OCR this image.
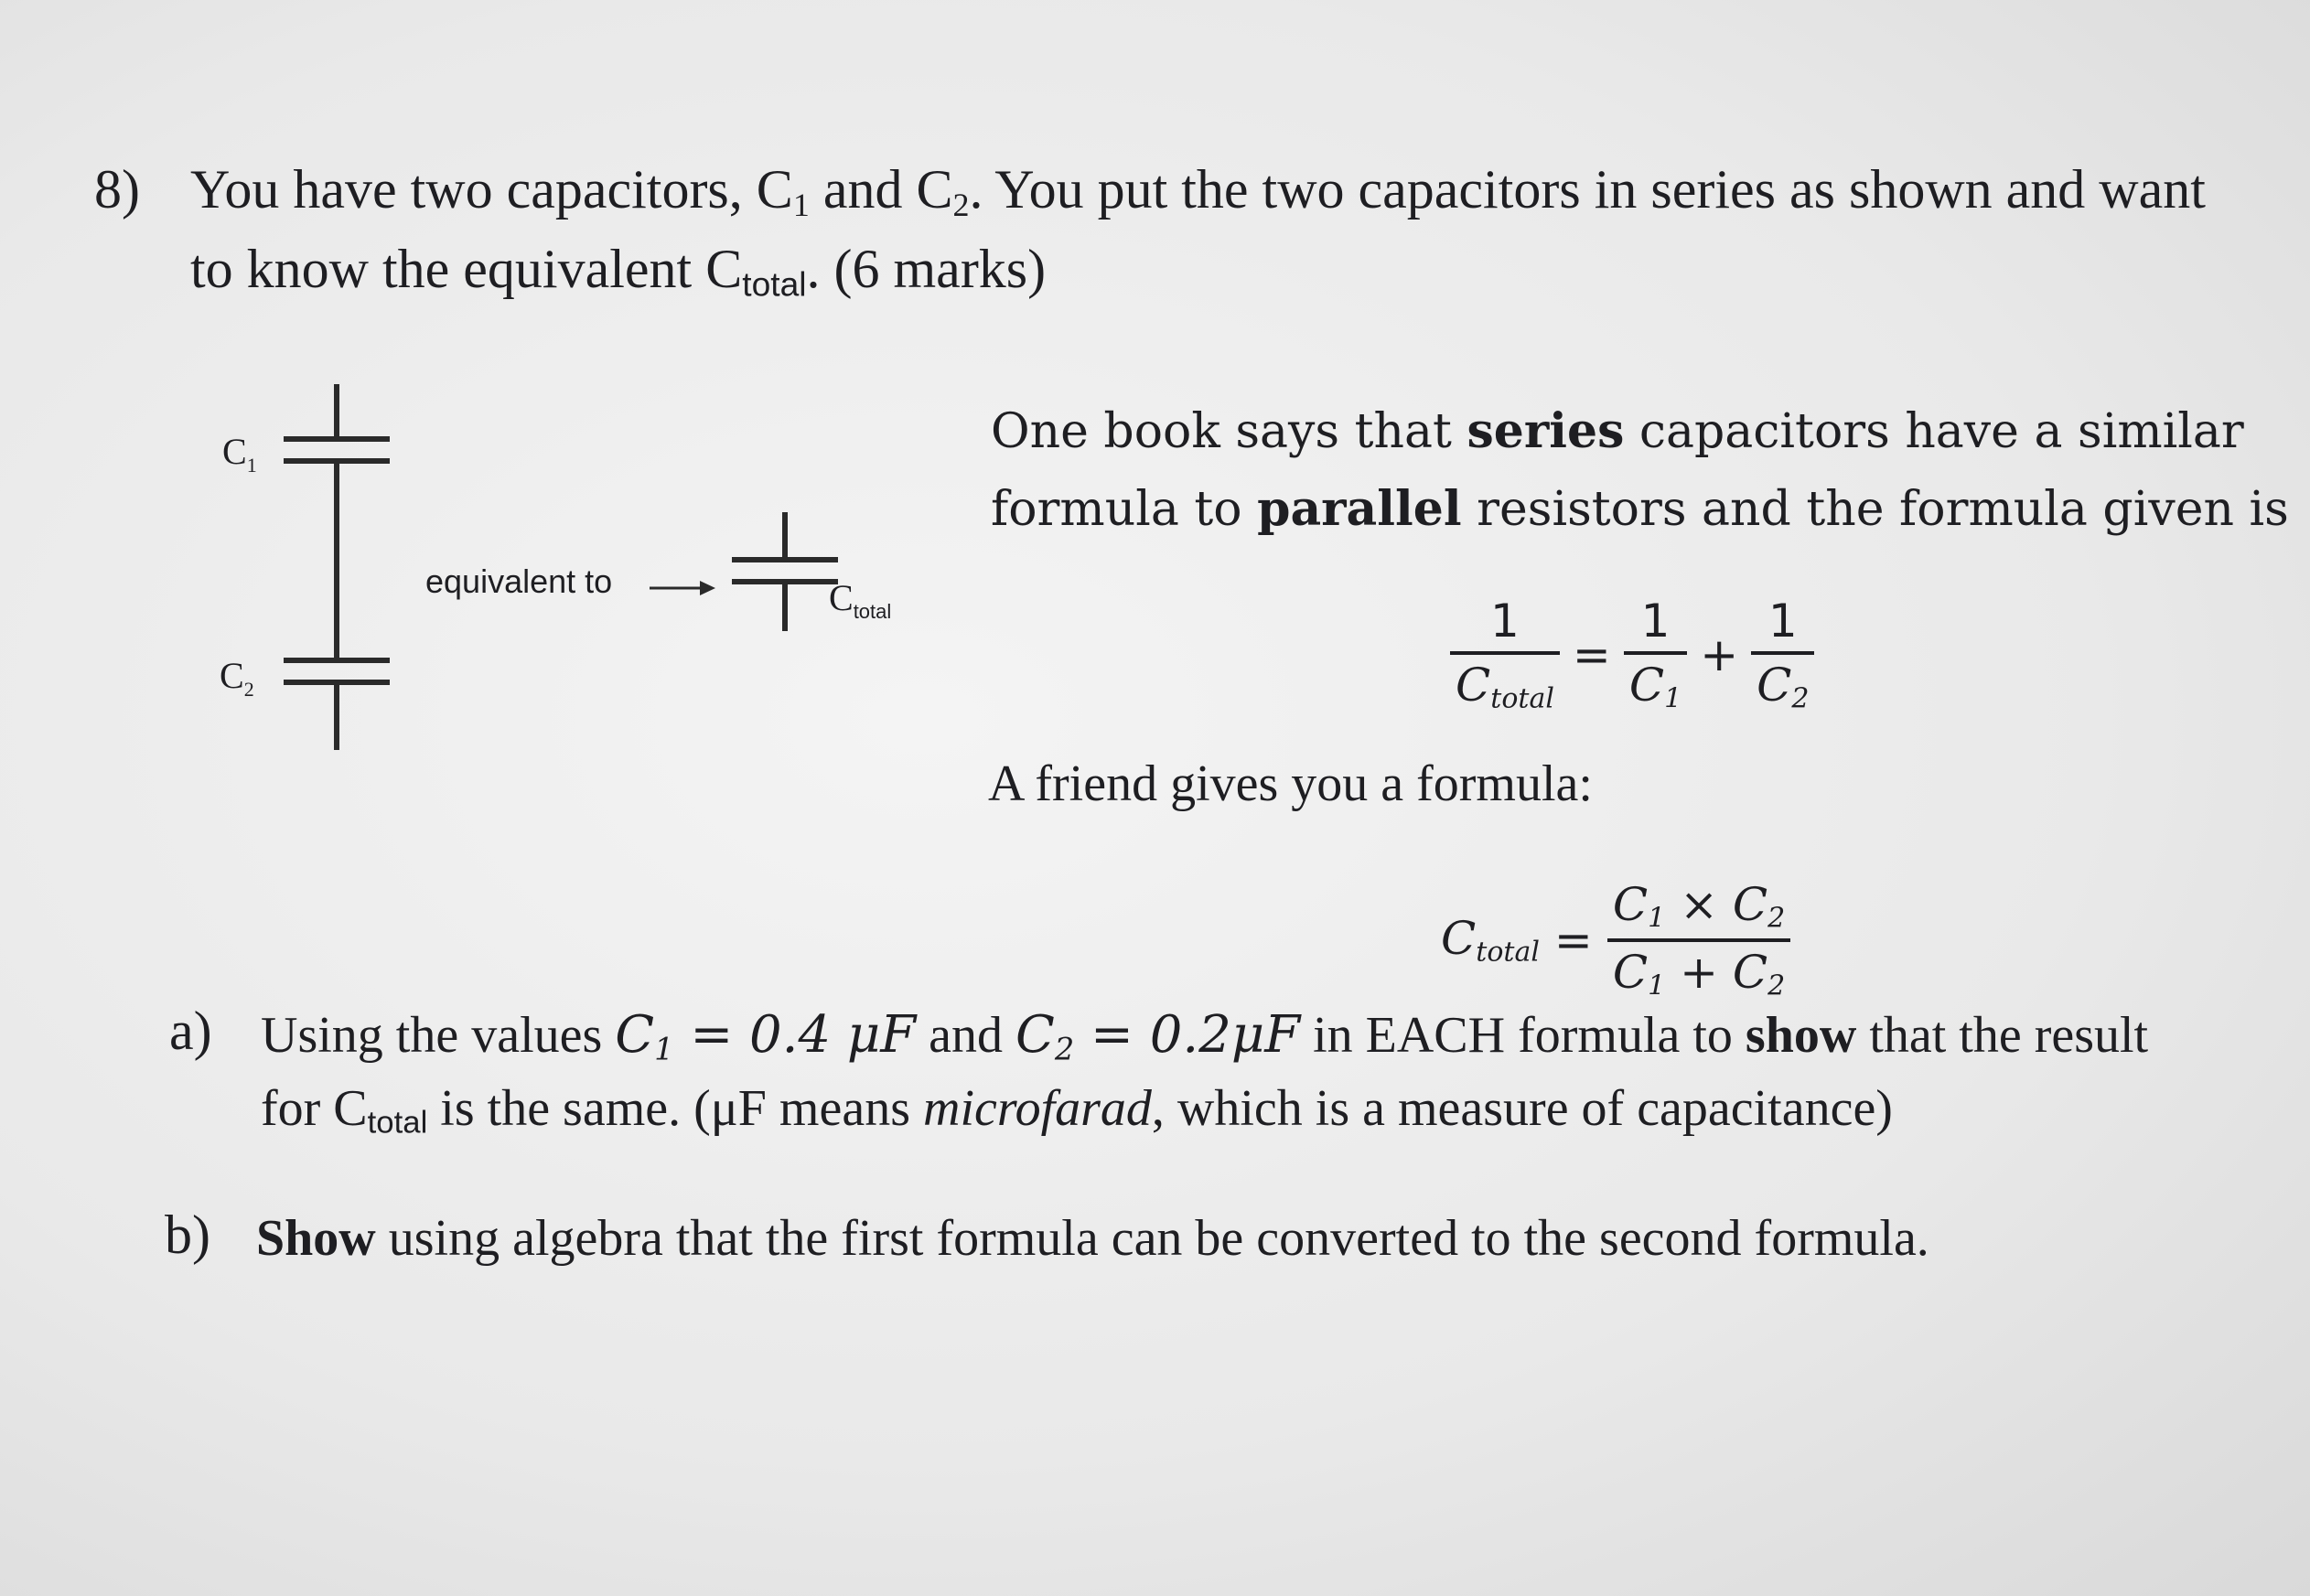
8) You have two capacitors, $C_1$ and $C_2$. You put the two capacitors in series as shown and want
to know the equivalent $C_{total}$. (6 marks)
$C_1$
$C_2$
equivalent to	$C_{total}$
One book says that series capacitors have a similar
formula to parallel resistors and the formula given is
$\frac{1}{C_{total}} = \frac{1}{C_1} + \frac{1}{C_2}$
A friend gives you a formula:
$C_{total} = \frac{C_1 \times C_2}{C_1 + C_2}$
a) Using the values $C_1 = 0.4$ μF and $C_2 = 0.2\mu F$ in EACH formula to show that the result
for $C_{total}$ is the same. (μF means microfarad, which is a measure of capacitance)
b) Show using algebra that the first formula can be converted to the second formula.
